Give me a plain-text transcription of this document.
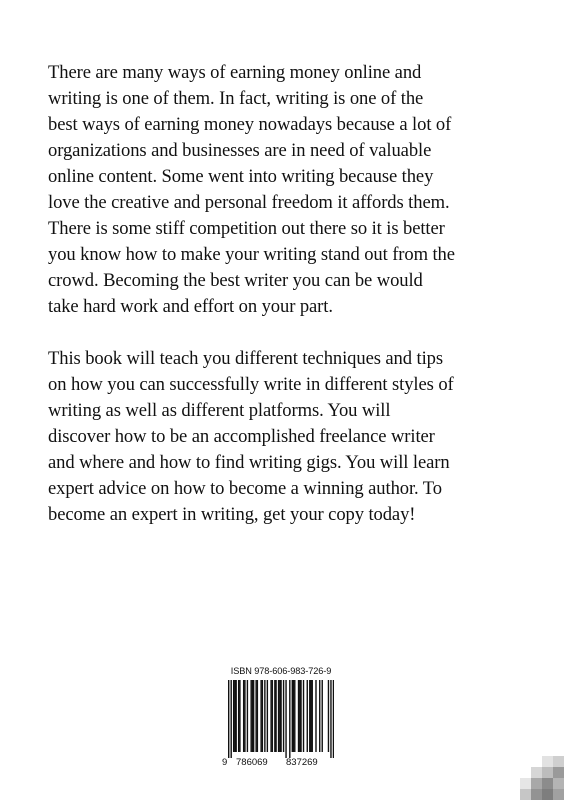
There are many ways of earning money online and

writing is one of them. In fact, writing is one of the

best ways of earning money nowadays because a lot of

organizations and businesses are in need of valuable

online content. Some went into writing because they

love the creative and personal freedom it affords them.

There is some stiff competition out there so it is better

you know how to make your writing stand out from the

crowd. Becoming the best writer you can be would

take hard work and effort on your part.

This book will teach you different techniques and tips

on how you can successfully write in different styles of

writing as well as different platforms. You will

discover how to be an accomplished freelance writer

and where and how to find writing gigs. You will learn

expert advice on how to become a winning author. To

become an expert in writing, get your copy today!

ISBN 978-606-983-726-9
9 786069 837269
